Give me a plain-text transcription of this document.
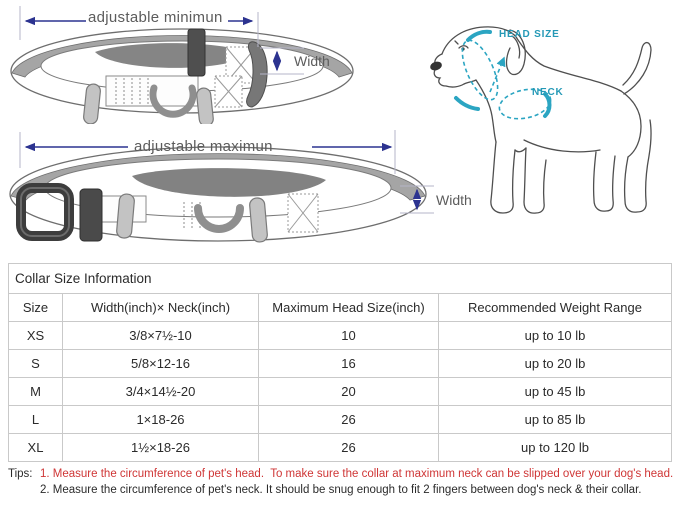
adjustable minimun
Width
adjustable maximun
Width
HEAD SIZE
NECK
Collar Size Information			
Size	Width(inch)× Neck(inch)	Maximum Head Size(inch)	Recommended Weight Range
XS	3/8×7½-10	10	up to 10 lb
S	5/8×12-16	16	up to 20 lb
M	3/4×14½-20	20	up to 45 lb
L	1×18-26	26	up to 85 lb
XL	1½×18-26	26	up to 120 lb
Tips: 1. Measure the circumference of pet's head.  To make sure the collar at maximum neck can be slipped over your dog's head.
2. Measure the circumference of pet's neck. It should be snug enough to fit 2 fingers between dog's neck & their collar.
